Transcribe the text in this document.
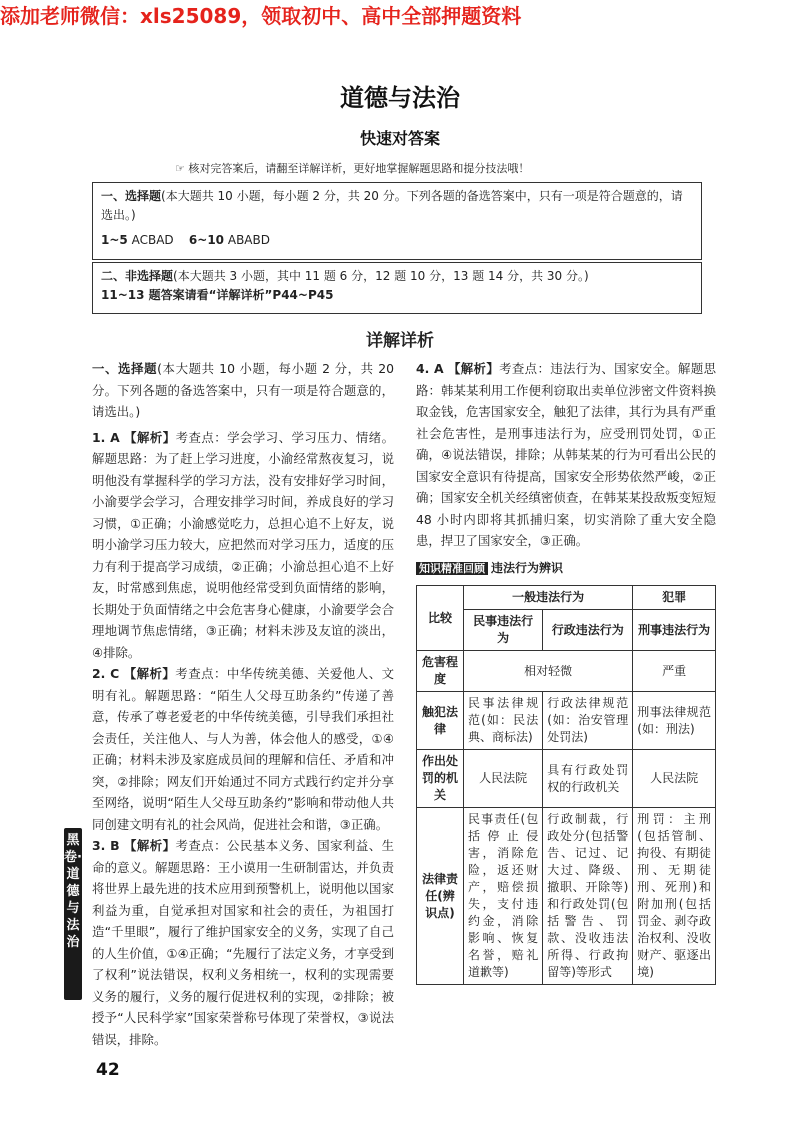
添加老师微信：xls25089，领取初中、高中全部押题资料
道德与法治
快速对答案
☞ 核对完答案后，请翻至详解详析，更好地掌握解题思路和提分技法哦！
一、选择题(本大题共 10 小题，每小题 2 分，共 20 分。下列各题的备选答案中，只有一项是符合题意的，请选出。)
1~5 ACBAD 6~10 ABABD
二、非选择题(本大题共 3 小题，其中 11 题 6 分，12 题 10 分，13 题 14 分，共 30 分。)
11~13 题答案请看“详解详析”P44~P45
详解详析

一、选择题(本大题共 10 小题，每小题 2 分，共 20 分。下列各题的备选答案中，只有一项是符合题意的，请选出。)

1. A 【解析】考查点：学会学习、学习压力、情绪。解题思路：为了赶上学习进度，小渝经常熬夜复习，说明他没有掌握科学的学习方法，没有安排好学习时间，小渝要学会学习，合理安排学习时间，养成良好的学习习惯，①正确；小渝感觉吃力，总担心追不上好友，说明小渝学习压力较大，应把然而对学习压力，适度的压力有利于提高学习成绩，②正确；小渝总担心追不上好友，时常感到焦虑，说明他经常受到负面情绪的影响，长期处于负面情绪之中会危害身心健康，小渝要学会合理地调节焦虑情绪，③正确；材料未涉及友谊的淡出，④排除。

2. C 【解析】考查点：中华传统美德、关爱他人、文明有礼。解题思路：“陌生人父母互助条约”传递了善意，传承了尊老爱老的中华传统美德，引导我们承担社会责任，关注他人、与人为善，体会他人的感受，①④正确；材料未涉及家庭成员间的理解和信任、矛盾和冲突，②排除；网友们开始通过不同方式践行约定并分享至网络，说明“陌生人父母互助条约”影响和带动他人共同创建文明有礼的社会风尚，促进社会和谐，③正确。

3. B 【解析】考查点：公民基本义务、国家利益、生命的意义。解题思路：王小谟用一生研制雷达，并负责将世界上最先进的技术应用到预警机上，说明他以国家利益为重，自觉承担对国家和社会的责任，为祖国打造“千里眼”，履行了维护国家安全的义务，实现了自己的人生价值，①④正确；“先履行了法定义务，才享受到了权利”说法错误，权利义务相统一，权利的实现需要义务的履行，义务的履行促进权利的实现，②排除；被授予“人民科学家”国家荣誉称号体现了荣誉权，③说法错误，排除。

黑卷·道德与法治

4. A 【解析】考查点：违法行为、国家安全。解题思路：韩某某利用工作便利窃取出卖单位涉密文件资料换取金钱，危害国家安全，触犯了法律，其行为具有严重社会危害性，是刑事违法行为，应受刑罚处罚，①正确，④说法错误，排除；从韩某某的行为可看出公民的国家安全意识有待提高，国家安全形势依然严峻，②正确；国家安全机关经缜密侦查，在韩某某投敌叛变短短 48 小时内即将其抓捕归案，切实消除了重大安全隐患，捍卫了国家安全，③正确。

知识精准回顾 违法行为辨识
比较	一般违法行为		犯罪
	民事违法行为	行政违法行为	刑事违法行为
危害程度	相对轻微		严重
触犯法律	民事法律规范(如：民法典、商标法)	行政法律规范(如：治安管理处罚法)	刑事法律规范(如：刑法)
作出处罚的机关	人民法院	具有行政处罚权的行政机关	人民法院
法律责任(辨识点)	民事责任(包括停止侵害，消除危险，返还财产，赔偿损失，支付违约金，消除影响、恢复名誉，赔礼道歉等)	行政制裁，行政处分(包括警告、记过、记大过、降级、撤职、开除等)和行政处罚(包括警告、罚款、没收违法所得、行政拘留等)等形式	刑罚：主刑(包括管制、拘役、有期徒刑、无期徒刑、死刑)和附加刑(包括罚金、剥夺政治权利、没收财产、驱逐出境)
42
